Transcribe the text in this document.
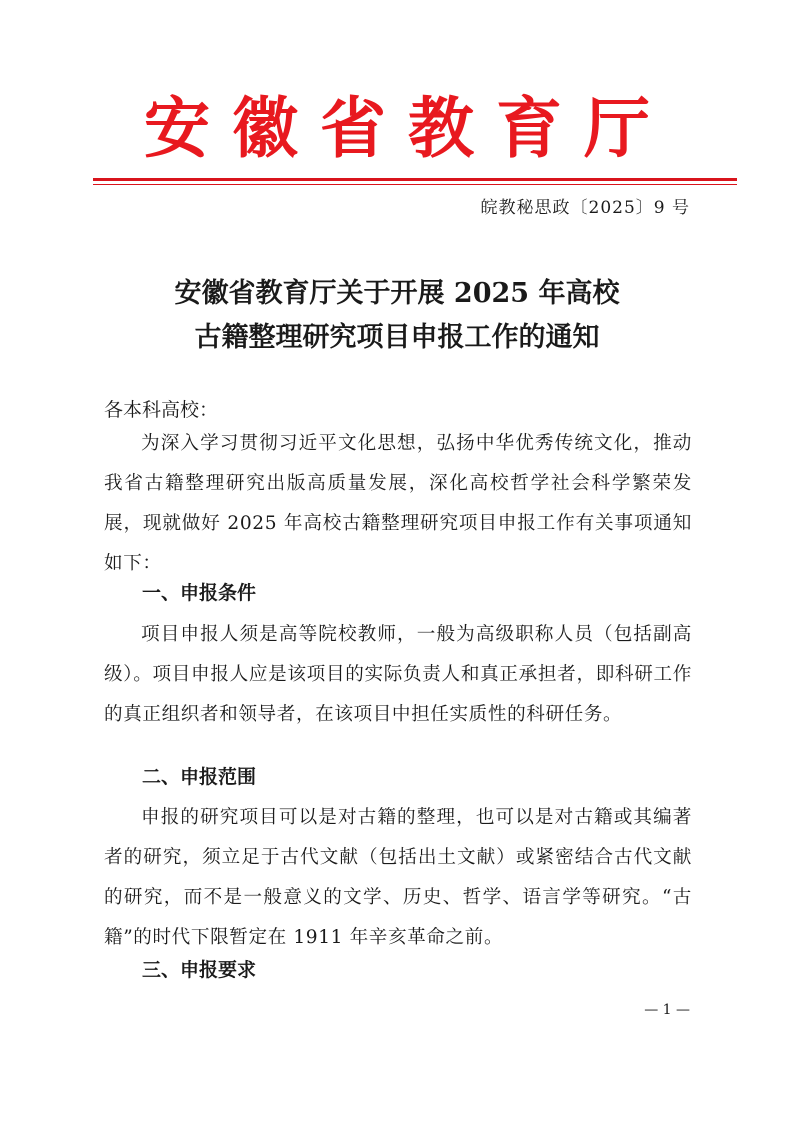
安徽省教育厅
皖教秘思政〔2025〕9 号
安徽省教育厅关于开展 2025 年高校
古籍整理研究项目申报工作的通知
各本科高校：
为深入学习贯彻习近平文化思想，弘扬中华优秀传统文化，推动我省古籍整理研究出版高质量发展，深化高校哲学社会科学繁荣发展，现就做好 2025 年高校古籍整理研究项目申报工作有关事项通知如下：
一、申报条件
项目申报人须是高等院校教师，一般为高级职称人员（包括副高级）。项目申报人应是该项目的实际负责人和真正承担者，即科研工作的真正组织者和领导者，在该项目中担任实质性的科研任务。
二、申报范围
申报的研究项目可以是对古籍的整理，也可以是对古籍或其编著者的研究，须立足于古代文献（包括出土文献）或紧密结合古代文献的研究，而不是一般意义的文学、历史、哲学、语言学等研究。“古籍”的时代下限暂定在 1911 年辛亥革命之前。
三、申报要求
— 1 —
